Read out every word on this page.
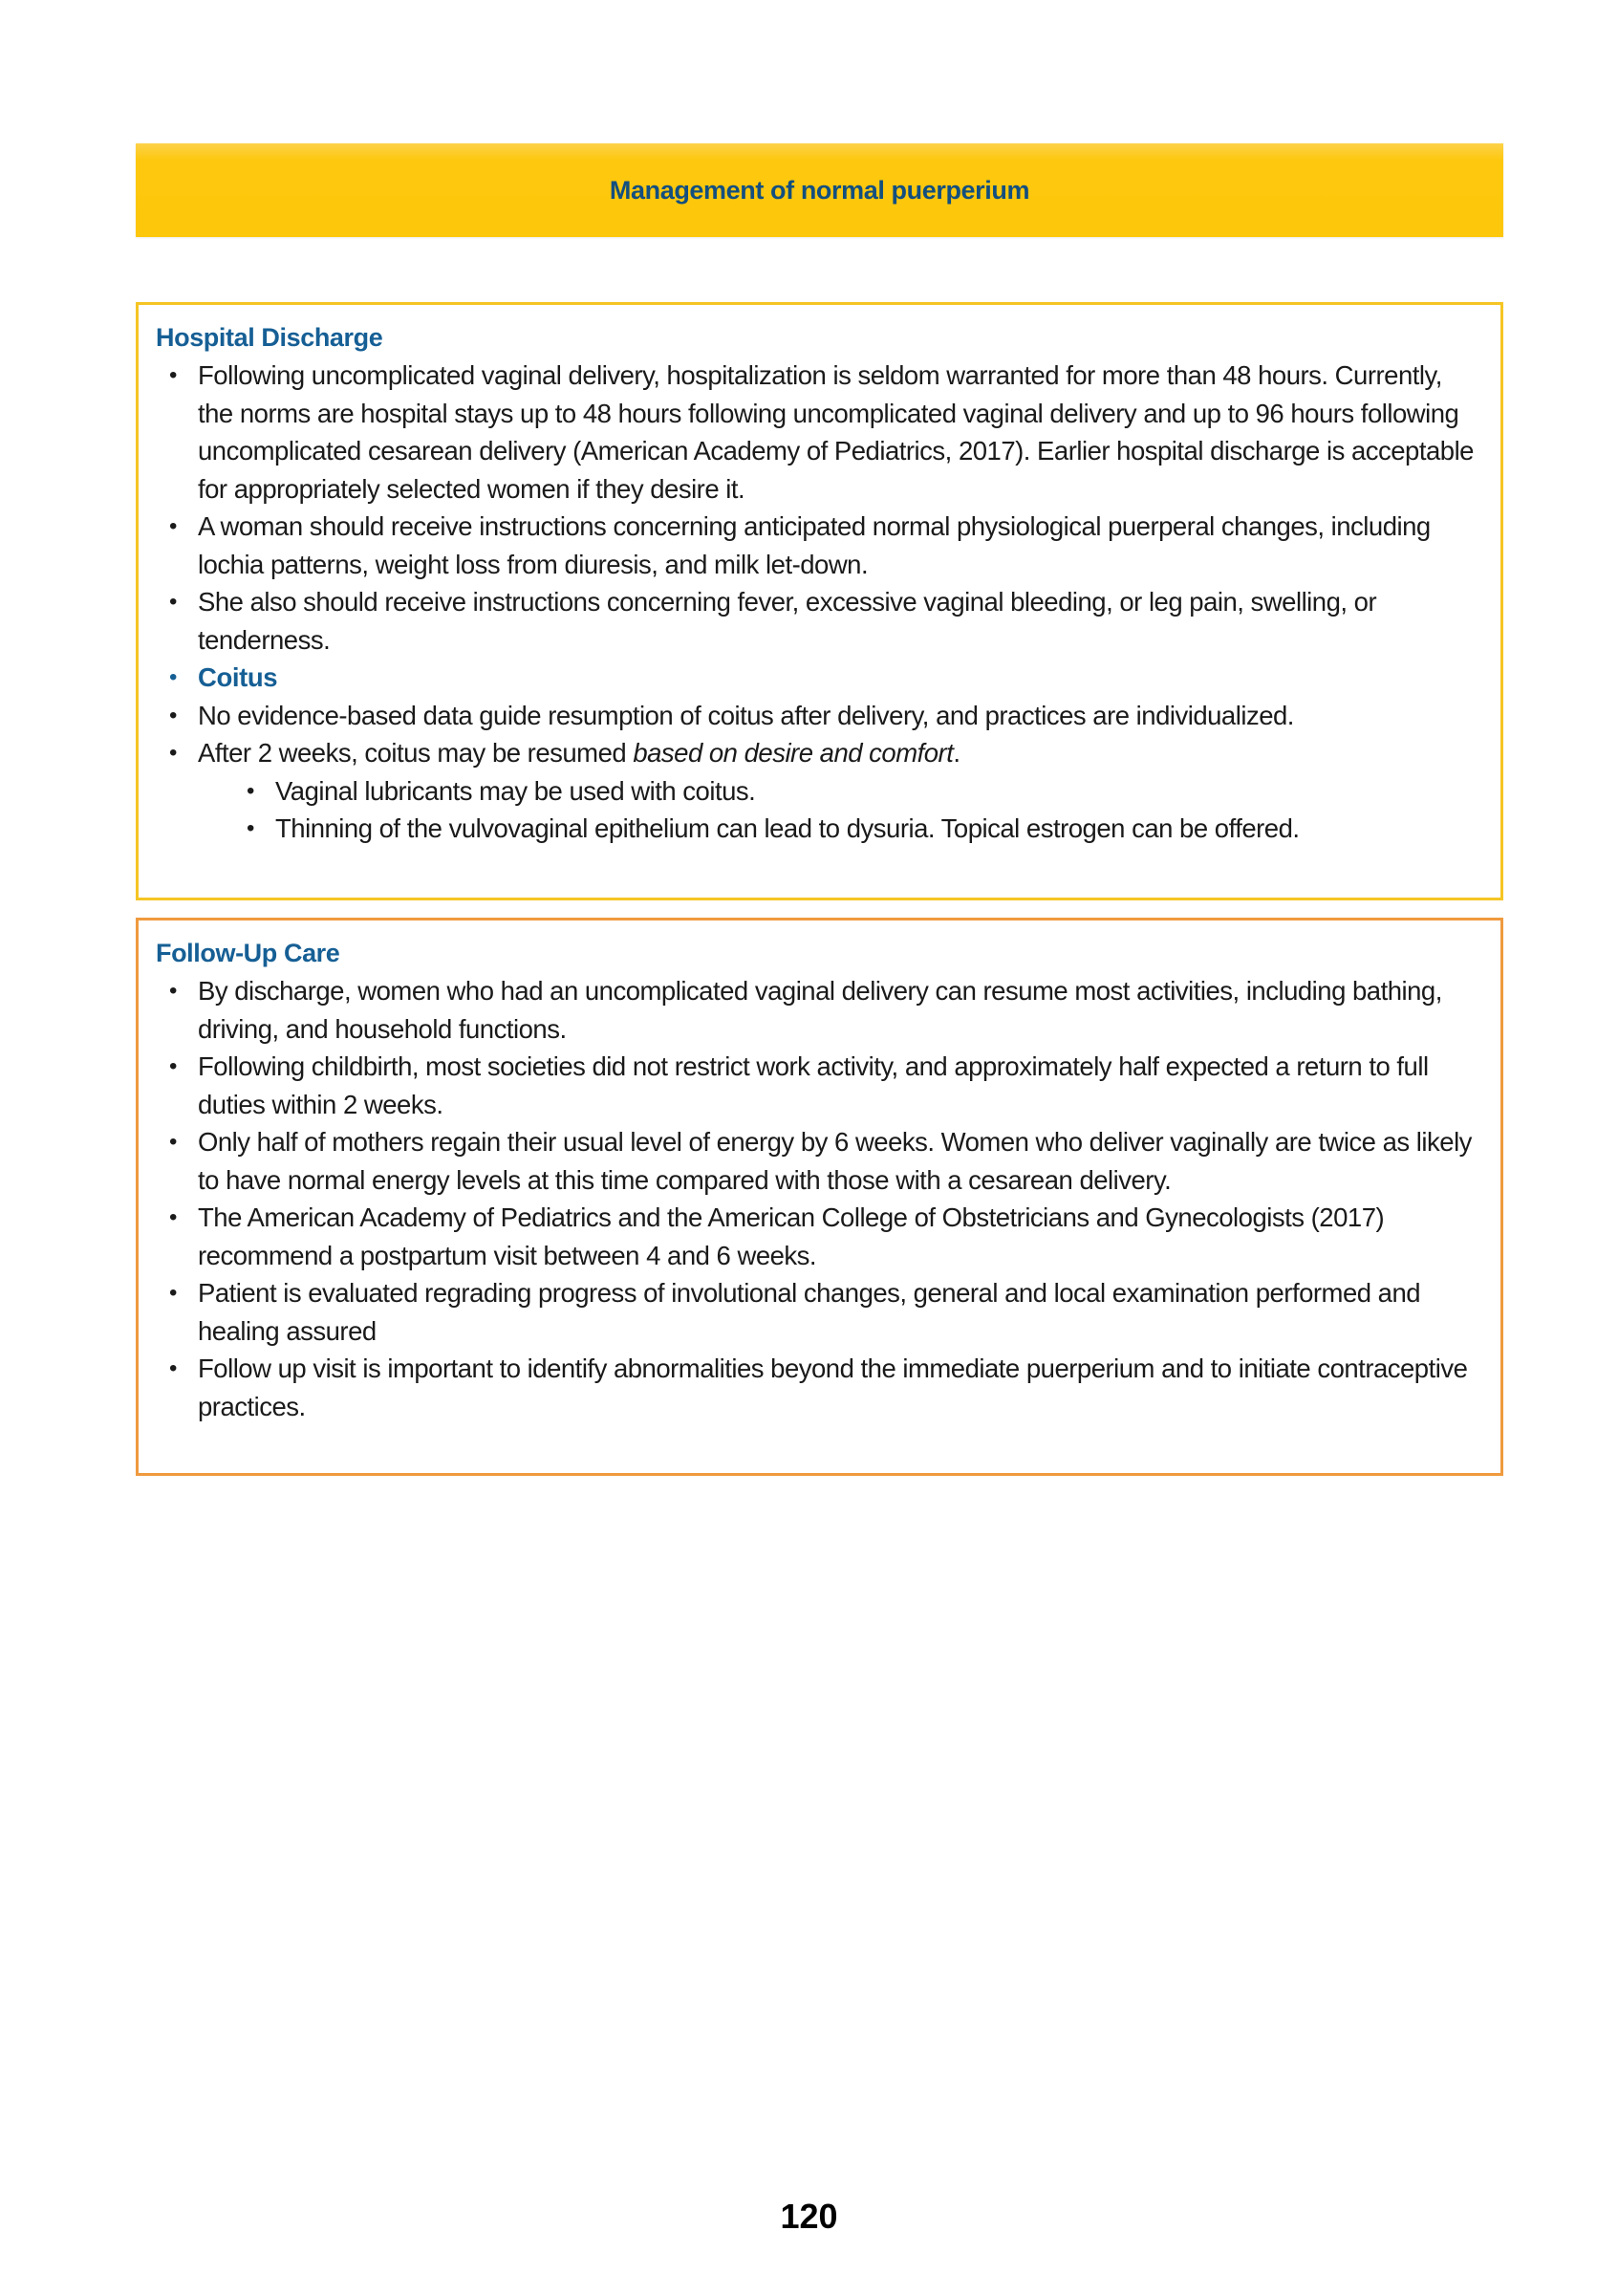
Management of normal puerperium
Hospital Discharge
• Following uncomplicated vaginal delivery, hospitalization is seldom warranted for more than 48 hours. Currently, the norms are hospital stays up to 48 hours following uncomplicated vaginal delivery and up to 96 hours following uncomplicated cesarean delivery (American Academy of Pediatrics, 2017). Earlier hospital discharge is acceptable for appropriately selected women if they desire it.
• A woman should receive instructions concerning anticipated normal physiological puerperal changes, including lochia patterns, weight loss from diuresis, and milk let-down.
• She also should receive instructions concerning fever, excessive vaginal bleeding, or leg pain, swelling, or tenderness.
• Coitus
• No evidence-based data guide resumption of coitus after delivery, and practices are individualized.
• After 2 weeks, coitus may be resumed based on desire and comfort.
• Vaginal lubricants may be used with coitus.
• Thinning of the vulvovaginal epithelium can lead to dysuria. Topical estrogen can be offered.
Follow-Up Care
• By discharge, women who had an uncomplicated vaginal delivery can resume most activities, including bathing, driving, and household functions.
• Following childbirth, most societies did not restrict work activity, and approximately half expected a return to full duties within 2 weeks.
• Only half of mothers regain their usual level of energy by 6 weeks. Women who deliver vaginally are twice as likely to have normal energy levels at this time compared with those with a cesarean delivery.
• The American Academy of Pediatrics and the American College of Obstetricians and Gynecologists (2017) recommend a postpartum visit between 4 and 6 weeks.
• Patient is evaluated regrading progress of involutional changes, general and local examination performed and healing assured
• Follow up visit is important to identify abnormalities beyond the immediate puerperium and to initiate contraceptive practices.
120
